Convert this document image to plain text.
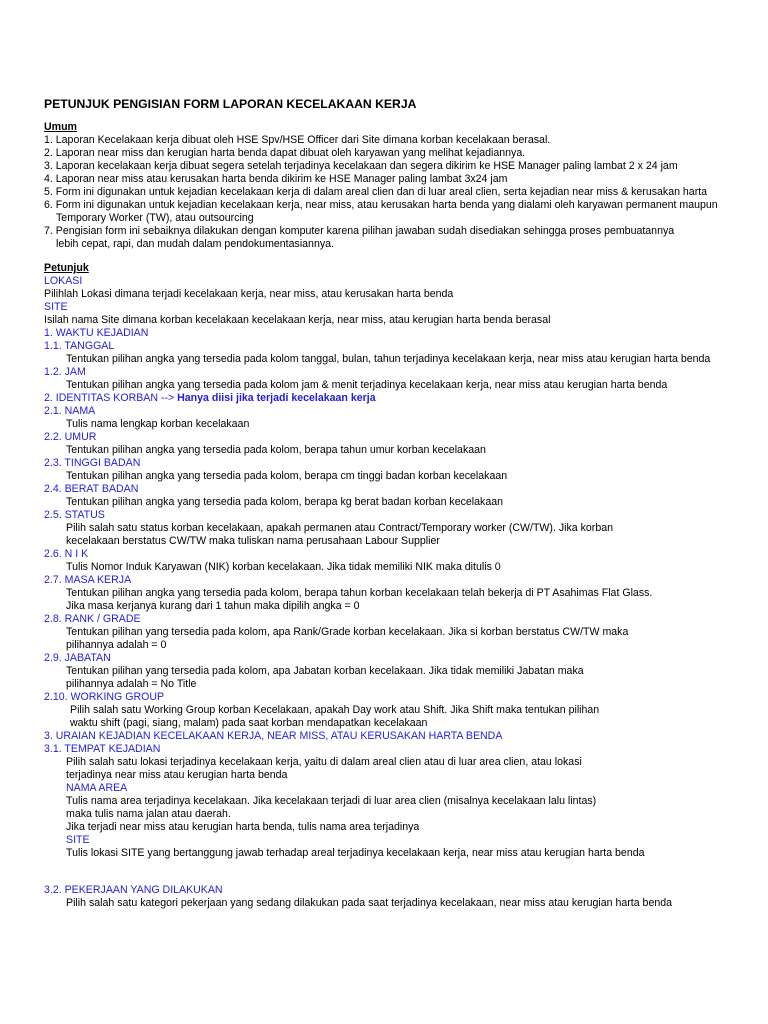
PETUNJUK PENGISIAN FORM LAPORAN KECELAKAAN KERJA
Umum
1. Laporan Kecelakaan kerja dibuat oleh HSE Spv/HSE Officer dari Site dimana korban kecelakaan berasal.
2. Laporan near miss dan kerugian harta benda dapat dibuat oleh karyawan yang melihat kejadiannya.
3. Laporan kecelakaan kerja dibuat segera setelah terjadinya kecelakaan dan segera dikirim ke HSE Manager paling lambat 2 x 24 jam
4. Laporan near miss atau kerusakan harta benda dikirim ke HSE Manager paling lambat 3x24 jam
5. Form ini digunakan untuk kejadian kecelakaan kerja di dalam areal clien dan di luar areal clien, serta kejadian near miss & kerusakan harta
6. Form ini digunakan untuk kejadian kecelakaan kerja, near miss, atau kerusakan harta benda yang dialami oleh karyawan permanent maupun
Temporary Worker (TW), atau outsourcing
7. Pengisian form ini sebaiknya dilakukan dengan komputer karena pilihan jawaban sudah disediakan sehingga proses pembuatannya
lebih cepat, rapi, dan mudah dalam pendokumentasiannya.
Petunjuk
LOKASI
Pilihlah Lokasi dimana terjadi kecelakaan kerja, near miss, atau kerusakan harta benda
SITE
Isilah nama Site dimana korban kecelakaan kecelakaan kerja, near miss, atau kerugian harta benda berasal
1. WAKTU KEJADIAN
1.1. TANGGAL
Tentukan pilihan angka yang tersedia pada kolom tanggal, bulan, tahun terjadinya kecelakaan kerja, near miss atau kerugian harta benda
1.2. JAM
Tentukan pilihan angka yang tersedia pada kolom jam & menit terjadinya kecelakaan kerja, near miss atau kerugian harta benda
2. IDENTITAS KORBAN --> Hanya diisi jika terjadi kecelakaan kerja
2.1. NAMA
Tulis nama lengkap korban kecelakaan
2.2. UMUR
Tentukan pilihan angka yang tersedia pada kolom, berapa tahun umur korban kecelakaan
2.3. TINGGI BADAN
Tentukan pilihan angka yang tersedia pada kolom, berapa cm tinggi badan korban kecelakaan
2.4. BERAT BADAN
Tentukan pilihan angka yang tersedia pada kolom, berapa kg berat badan korban kecelakaan
2.5. STATUS
Pilih salah satu status korban kecelakaan, apakah permanen atau Contract/Temporary worker (CW/TW). Jika korban
kecelakaan berstatus CW/TW maka tuliskan nama perusahaan Labour Supplier
2.6. N I K
Tulis Nomor Induk Karyawan (NIK) korban kecelakaan. Jika tidak memiliki NIK maka ditulis 0
2.7. MASA KERJA
Tentukan pilihan angka yang tersedia pada kolom, berapa tahun korban kecelakaan telah bekerja di PT Asahimas Flat Glass.
Jika masa kerjanya kurang dari 1 tahun maka dipilih angka = 0
2.8. RANK / GRADE
Tentukan pilihan yang tersedia pada kolom, apa Rank/Grade korban kecelakaan. Jika si korban berstatus CW/TW maka
pilihannya adalah = 0
2.9. JABATAN
Tentukan pilihan yang tersedia pada kolom, apa Jabatan korban kecelakaan. Jika tidak memiliki Jabatan maka
pilihannya adalah = No Title
2.10. WORKING GROUP
Pilih salah satu Working Group korban Kecelakaan, apakah Day work atau Shift. Jika Shift maka tentukan pilihan
waktu shift (pagi, siang, malam) pada saat korban mendapatkan kecelakaan
3. URAIAN KEJADIAN KECELAKAAN KERJA, NEAR MISS, ATAU KERUSAKAN HARTA BENDA
3.1. TEMPAT KEJADIAN
Pilih salah satu lokasi terjadinya kecelakaan kerja, yaitu di dalam areal clien atau di luar area clien, atau lokasi
terjadinya near miss atau kerugian harta benda
NAMA AREA
Tulis nama area terjadinya kecelakaan. Jika kecelakaan terjadi di luar area clien (misalnya kecelakaan lalu lintas)
maka tulis nama jalan atau daerah.
Jika terjadi near miss atau kerugian harta benda, tulis nama area terjadinya
SITE
Tulis lokasi SITE yang bertanggung jawab terhadap areal terjadinya kecelakaan kerja, near miss atau kerugian harta benda
3.2. PEKERJAAN YANG DILAKUKAN
Pilih salah satu kategori pekerjaan yang sedang dilakukan pada saat terjadinya kecelakaan, near miss atau kerugian harta benda
